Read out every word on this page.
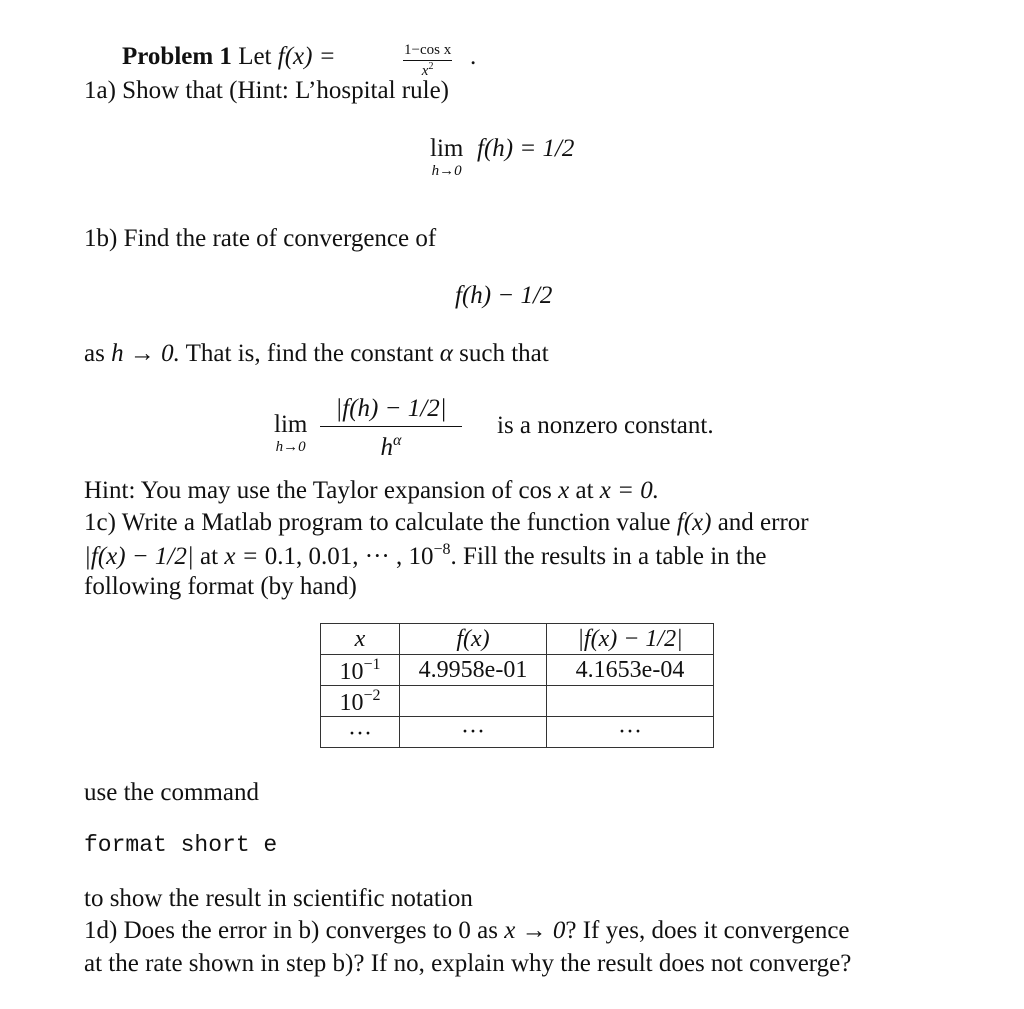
Problem 1 Let f(x) =	1−cos x
$x^2$	.
1a) Show that (Hint: L’hospital rule)
lim
h→0
f(h) = 1/2
1b) Find the rate of convergence of
f(h) − 1/2
as h → 0. That is, find the constant α such that
lim
h→0
|f(h) − 1/2|
$h^\alpha$
is a nonzero constant.
Hint: You may use the Taylor expansion of cos x at x = 0.
1c) Write a Matlab program to calculate the function value f(x) and error
|f(x) − 1/2| at x = 0.1, 0.01, ··· , $10^{-8}$. Fill the results in a table in the
following format (by hand)
x	f(x)	|f(x) − 1/2|
$10^{-1}$	4.9958e-01	4.1653e-04
$10^{-2}$		
···	···	···
use the command
format short e
to show the result in scientific notation
1d) Does the error in b) converges to 0 as x → 0? If yes, does it convergence
at the rate shown in step b)? If no, explain why the result does not converge?
